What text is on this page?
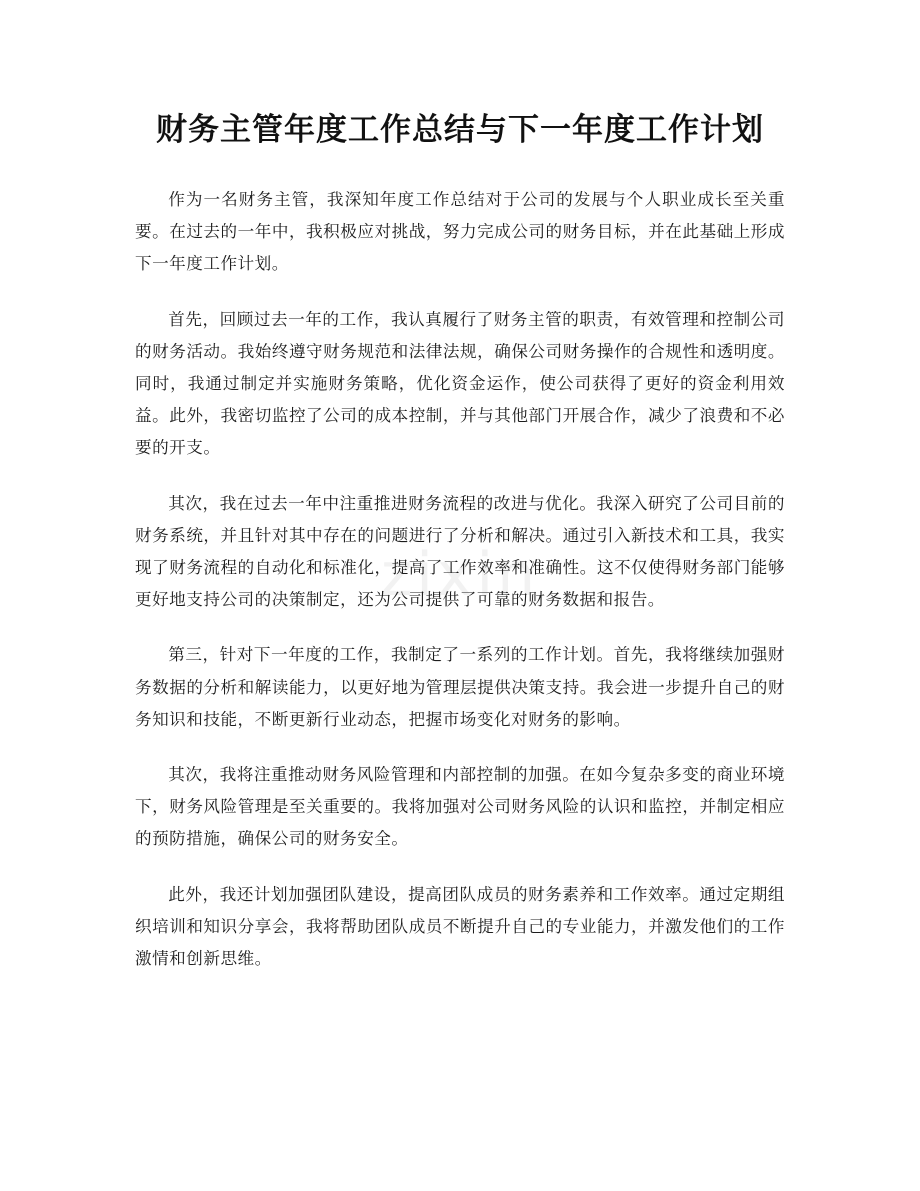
财务主管年度工作总结与下一年度工作计划
zixin

作为一名财务主管，我深知年度工作总结对于公司的发展与个人职业成长至关重要。在过去的一年中，我积极应对挑战，努力完成公司的财务目标，并在此基础上形成下一年度工作计划。

首先，回顾过去一年的工作，我认真履行了财务主管的职责，有效管理和控制公司的财务活动。我始终遵守财务规范和法律法规，确保公司财务操作的合规性和透明度。同时，我通过制定并实施财务策略，优化资金运作，使公司获得了更好的资金利用效益。此外，我密切监控了公司的成本控制，并与其他部门开展合作，减少了浪费和不必要的开支。

其次，我在过去一年中注重推进财务流程的改进与优化。我深入研究了公司目前的财务系统，并且针对其中存在的问题进行了分析和解决。通过引入新技术和工具，我实现了财务流程的自动化和标准化，提高了工作效率和准确性。这不仅使得财务部门能够更好地支持公司的决策制定，还为公司提供了可靠的财务数据和报告。

第三，针对下一年度的工作，我制定了一系列的工作计划。首先，我将继续加强财务数据的分析和解读能力，以更好地为管理层提供决策支持。我会进一步提升自己的财务知识和技能，不断更新行业动态，把握市场变化对财务的影响。

其次，我将注重推动财务风险管理和内部控制的加强。在如今复杂多变的商业环境下，财务风险管理是至关重要的。我将加强对公司财务风险的认识和监控，并制定相应的预防措施，确保公司的财务安全。

此外，我还计划加强团队建设，提高团队成员的财务素养和工作效率。通过定期组织培训和知识分享会，我将帮助团队成员不断提升自己的专业能力，并激发他们的工作激情和创新思维。
